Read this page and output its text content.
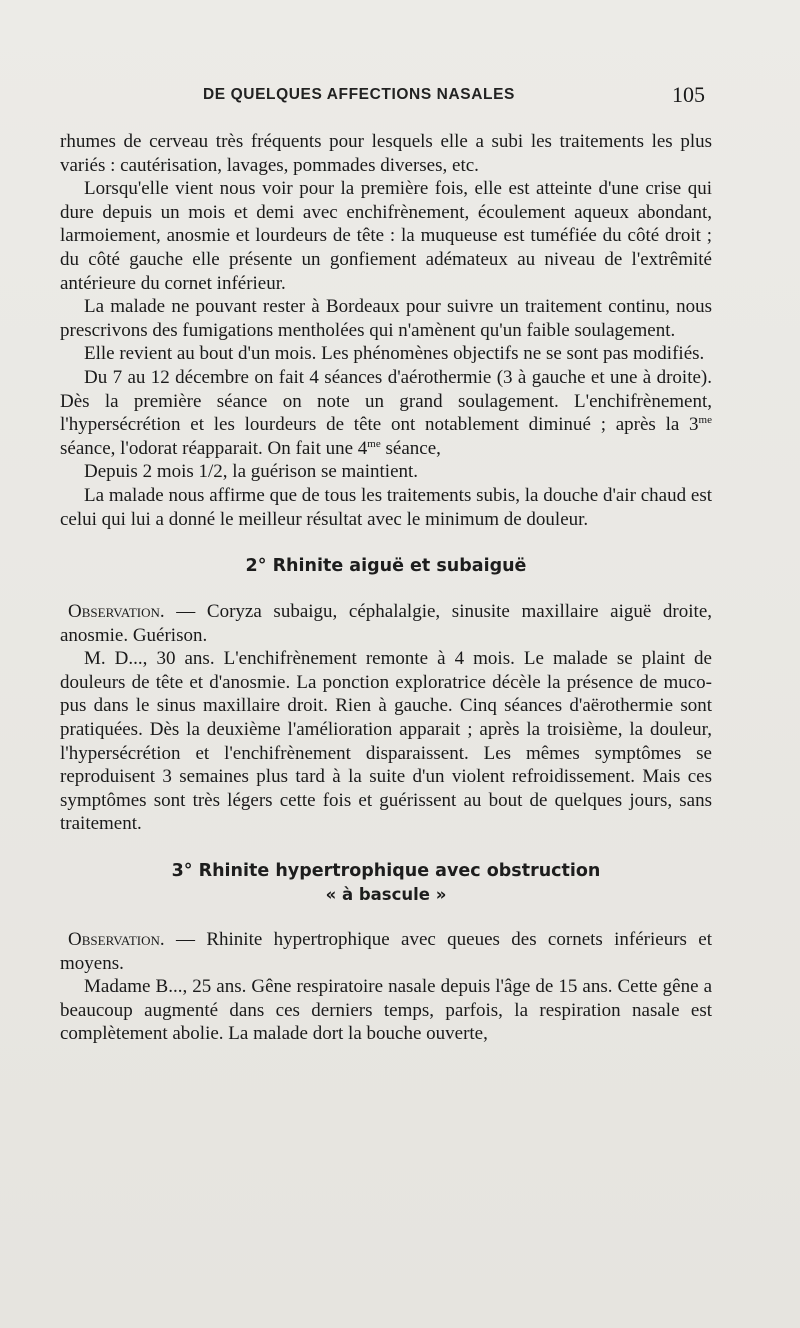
DE QUELQUES AFFECTIONS NASALES	105

rhumes de cerveau très fréquents pour lesquels elle a subi les traitements les plus variés : cautérisation, lavages, pommades diverses, etc.

Lorsqu'elle vient nous voir pour la première fois, elle est atteinte d'une crise qui dure depuis un mois et demi avec enchifrènement, écoulement aqueux abondant, larmoiement, anosmie et lourdeurs de tête : la muqueuse est tuméfiée du côté droit ; du côté gauche elle présente un gonfiement adémateux au niveau de l'extrêmité antérieure du cornet inférieur.

La malade ne pouvant rester à Bordeaux pour suivre un traitement continu, nous prescrivons des fumigations mentholées qui n'amènent qu'un faible soulagement.

Elle revient au bout d'un mois. Les phénomènes objectifs ne se sont pas modifiés.

Du 7 au 12 décembre on fait 4 séances d'aérothermie (3 à gauche et une à droite). Dès la première séance on note un grand soulagement. L'enchifrènement, l'hypersécrétion et les lourdeurs de tête ont notablement diminué ; après la $3^{me}$ séance, l'odorat réapparait. On fait une $4^{me}$ séance,

Depuis 2 mois 1/2, la guérison se maintient.

La malade nous affirme que de tous les traitements subis, la douche d'air chaud est celui qui lui a donné le meilleur résultat avec le minimum de douleur.

2° Rhinite aiguë et subaiguë

Observation. — Coryza subaigu, céphalalgie, sinusite maxillaire aiguë droite, anosmie. Guérison.

M. D..., 30 ans. L'enchifrènement remonte à 4 mois. Le malade se plaint de douleurs de tête et d'anosmie. La ponction exploratrice décèle la présence de muco-pus dans le sinus maxillaire droit. Rien à gauche. Cinq séances d'aërothermie sont pratiquées. Dès la deuxième l'amélioration apparait ; après la troisième, la douleur, l'hypersécrétion et l'enchifrènement disparaissent. Les mêmes symptômes se reproduisent 3 semaines plus tard à la suite d'un violent refroidissement. Mais ces symptômes sont très légers cette fois et guérissent au bout de quelques jours, sans traitement.

3° Rhinite hypertrophique avec obstruction
« à bascule »

Observation. — Rhinite hypertrophique avec queues des cornets inférieurs et moyens.

Madame B..., 25 ans. Gêne respiratoire nasale depuis l'âge de 15 ans. Cette gêne a beaucoup augmenté dans ces derniers temps, parfois, la respiration nasale est complètement abolie. La malade dort la bouche ouverte,
